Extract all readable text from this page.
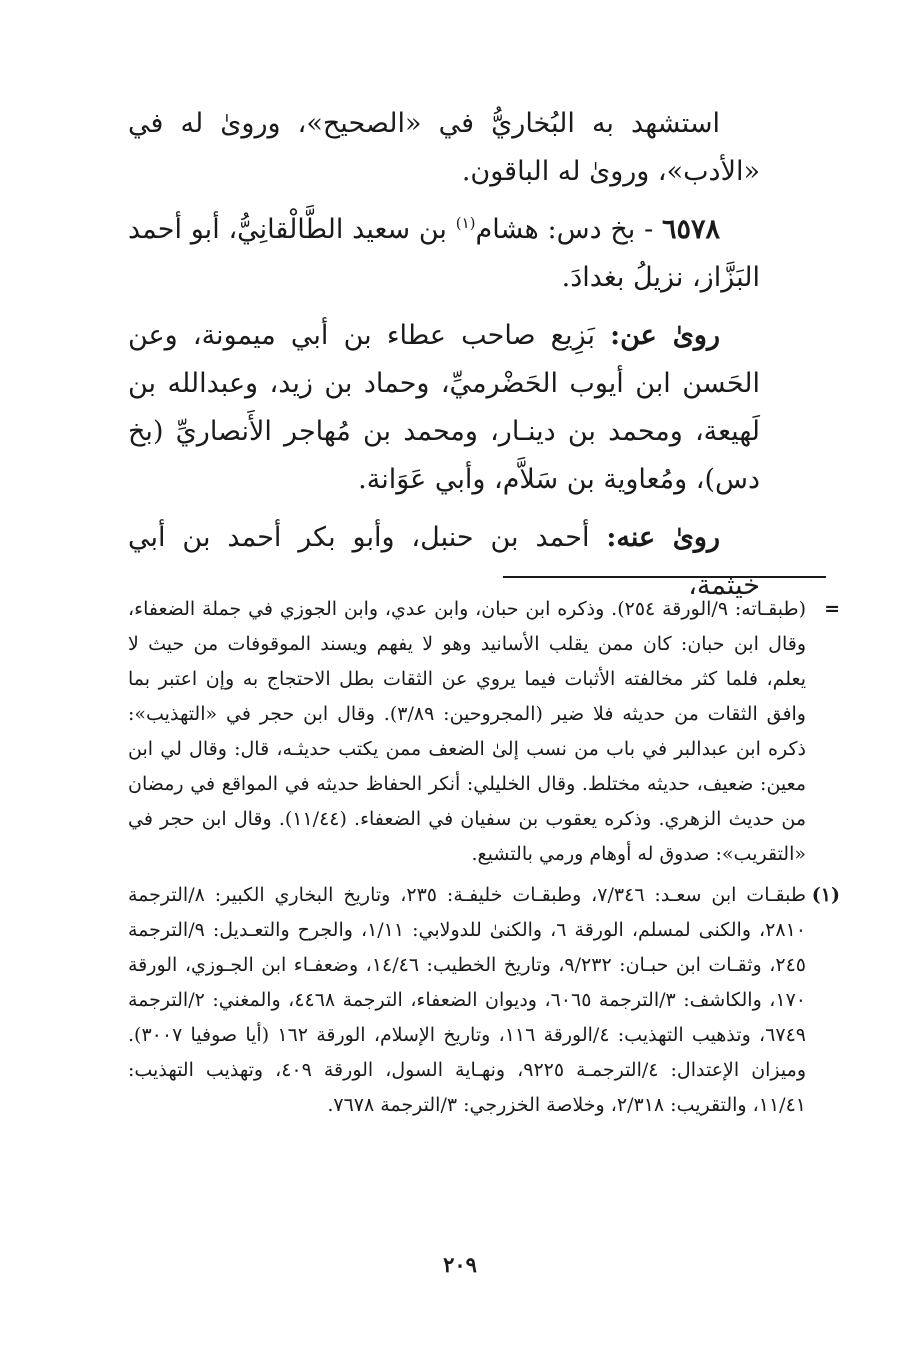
استشهد به البُخاريُّ في «الصحيح»، وروىٰ له في «الأدب»، وروىٰ له الباقون.

٦٥٧٨ - بخ دس: هشام$^{(١)}$ بن سعيد الطَّالْقانِيُّ، أبو أحمد البَزَّاز، نزيلُ بغدادَ.

روىٰ عن: بَزِيع صاحب عطاء بن أبي ميمونة، وعن الحَسن ابن أيوب الحَضْرميِّ، وحماد بن زيد، وعبدالله بن لَهيعة، ومحمد بن دينـار، ومحمد بن مُهاجر الأَنصاريِّ (بخ دس)، ومُعاوية بن سَلاَّم، وأبي عَوَانة.

روىٰ عنه: أحمد بن حنبل، وأبو بكر أحمد بن أبي خيثمة،

=
(طبقـاته: ٩/الورقة ٢٥٤). وذكره ابن حبان، وابن عدي، وابن الجوزي في جملة الضعفاء، وقال ابن حبان: كان ممن يقلب الأسانيد وهو لا يفهم ويسند الموقوفات من حيث لا يعلم، فلما كثر مخالفته الأثبات فيما يروي عن الثقات بطل الاحتجاج به وإن اعتبر بما وافق الثقات من حديثه فلا ضير (المجروحين: ٣/٨٩). وقال ابن حجر في «التهذيب»: ذكره ابن عبدالبر في باب من نسب إلىٰ الضعف ممن يكتب حديثـه، قال: وقال لي ابن معين: ضعيف، حديثه مختلط. وقال الخليلي: أنكر الحفاظ حديثه في المواقع في رمضان من حديث الزهري. وذكره يعقوب بن سفيان في الضعفاء. (١١/٤٤). وقال ابن حجر في «التقريب»: صدوق له أوهام ورمي بالتشيع.
(١)
طبقـات ابن سعـد: ٧/٣٤٦، وطبقـات خليفـة: ٢٣٥، وتاريخ البخاري الكبير: ٨/الترجمة ٢٨١٠، والكنى لمسلم، الورقة ٦، والكنىٰ للدولابي: ١/١١، والجرح والتعـديل: ٩/الترجمة ٢٤٥، وثقـات ابن حبـان: ٩/٢٣٢، وتاريخ الخطيب: ١٤/٤٦، وضعفـاء ابن الجـوزي، الورقة ١٧٠، والكاشف: ٣/الترجمة ٦٠٦٥، وديوان الضعفاء، الترجمة ٤٤٦٨، والمغني: ٢/الترجمة ٦٧٤٩، وتذهيب التهذيب: ٤/الورقة ١١٦، وتاريخ الإسلام، الورقة ١٦٢ (أيا صوفيا ٣٠٠٧). وميزان الإعتدال: ٤/الترجمـة ٩٢٢٥، ونهـاية السول، الورقة ٤٠٩، وتهذيب التهذيب: ١١/٤١، والتقريب: ٢/٣١٨، وخلاصة الخزرجي: ٣/الترجمة ٧٦٧٨.
٢٠٩
